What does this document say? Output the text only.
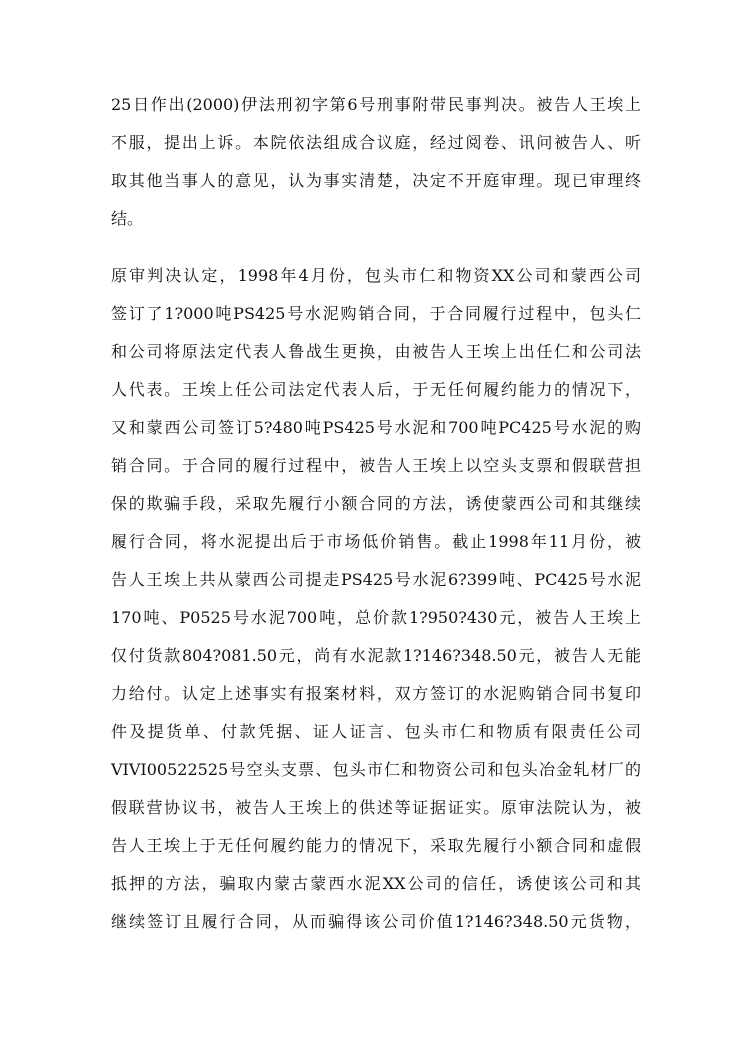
25日作出(2000)伊法刑初字第6号刑事附带民事判决。被告人王埃上
不服，提出上诉。本院依法组成合议庭，经过阅卷、讯问被告人、听
取其他当事人的意见，认为事实清楚，决定不开庭审理。现已审理终
结。
原审判决认定，1998年4月份，包头市仁和物资XX公司和蒙西公司
签订了1?000吨PS425号水泥购销合同，于合同履行过程中，包头仁
和公司将原法定代表人鲁战生更换，由被告人王埃上出任仁和公司法
人代表。王埃上任公司法定代表人后，于无任何履约能力的情况下，
又和蒙西公司签订5?480吨PS425号水泥和700吨PC425号水泥的购
销合同。于合同的履行过程中，被告人王埃上以空头支票和假联营担
保的欺骗手段，采取先履行小额合同的方法，诱使蒙西公司和其继续
履行合同，将水泥提出后于市场低价销售。截止1998年11月份，被
告人王埃上共从蒙西公司提走PS425号水泥6?399吨、PC425号水泥
170吨、P0525号水泥700吨，总价款1?950?430元，被告人王埃上
仅付货款804?081.50元，尚有水泥款1?146?348.50元，被告人无能
力给付。认定上述事实有报案材料，双方签订的水泥购销合同书复印
件及提货单、付款凭据、证人证言、包头市仁和物质有限责任公司
VIVI00522525号空头支票、包头市仁和物资公司和包头冶金轧材厂的
假联营协议书，被告人王埃上的供述等证据证实。原审法院认为，被
告人王埃上于无任何履约能力的情况下，采取先履行小额合同和虚假
抵押的方法，骗取内蒙古蒙西水泥XX公司的信任，诱使该公司和其
继续签订且履行合同，从而骗得该公司价值1?146?348.50元货物，
